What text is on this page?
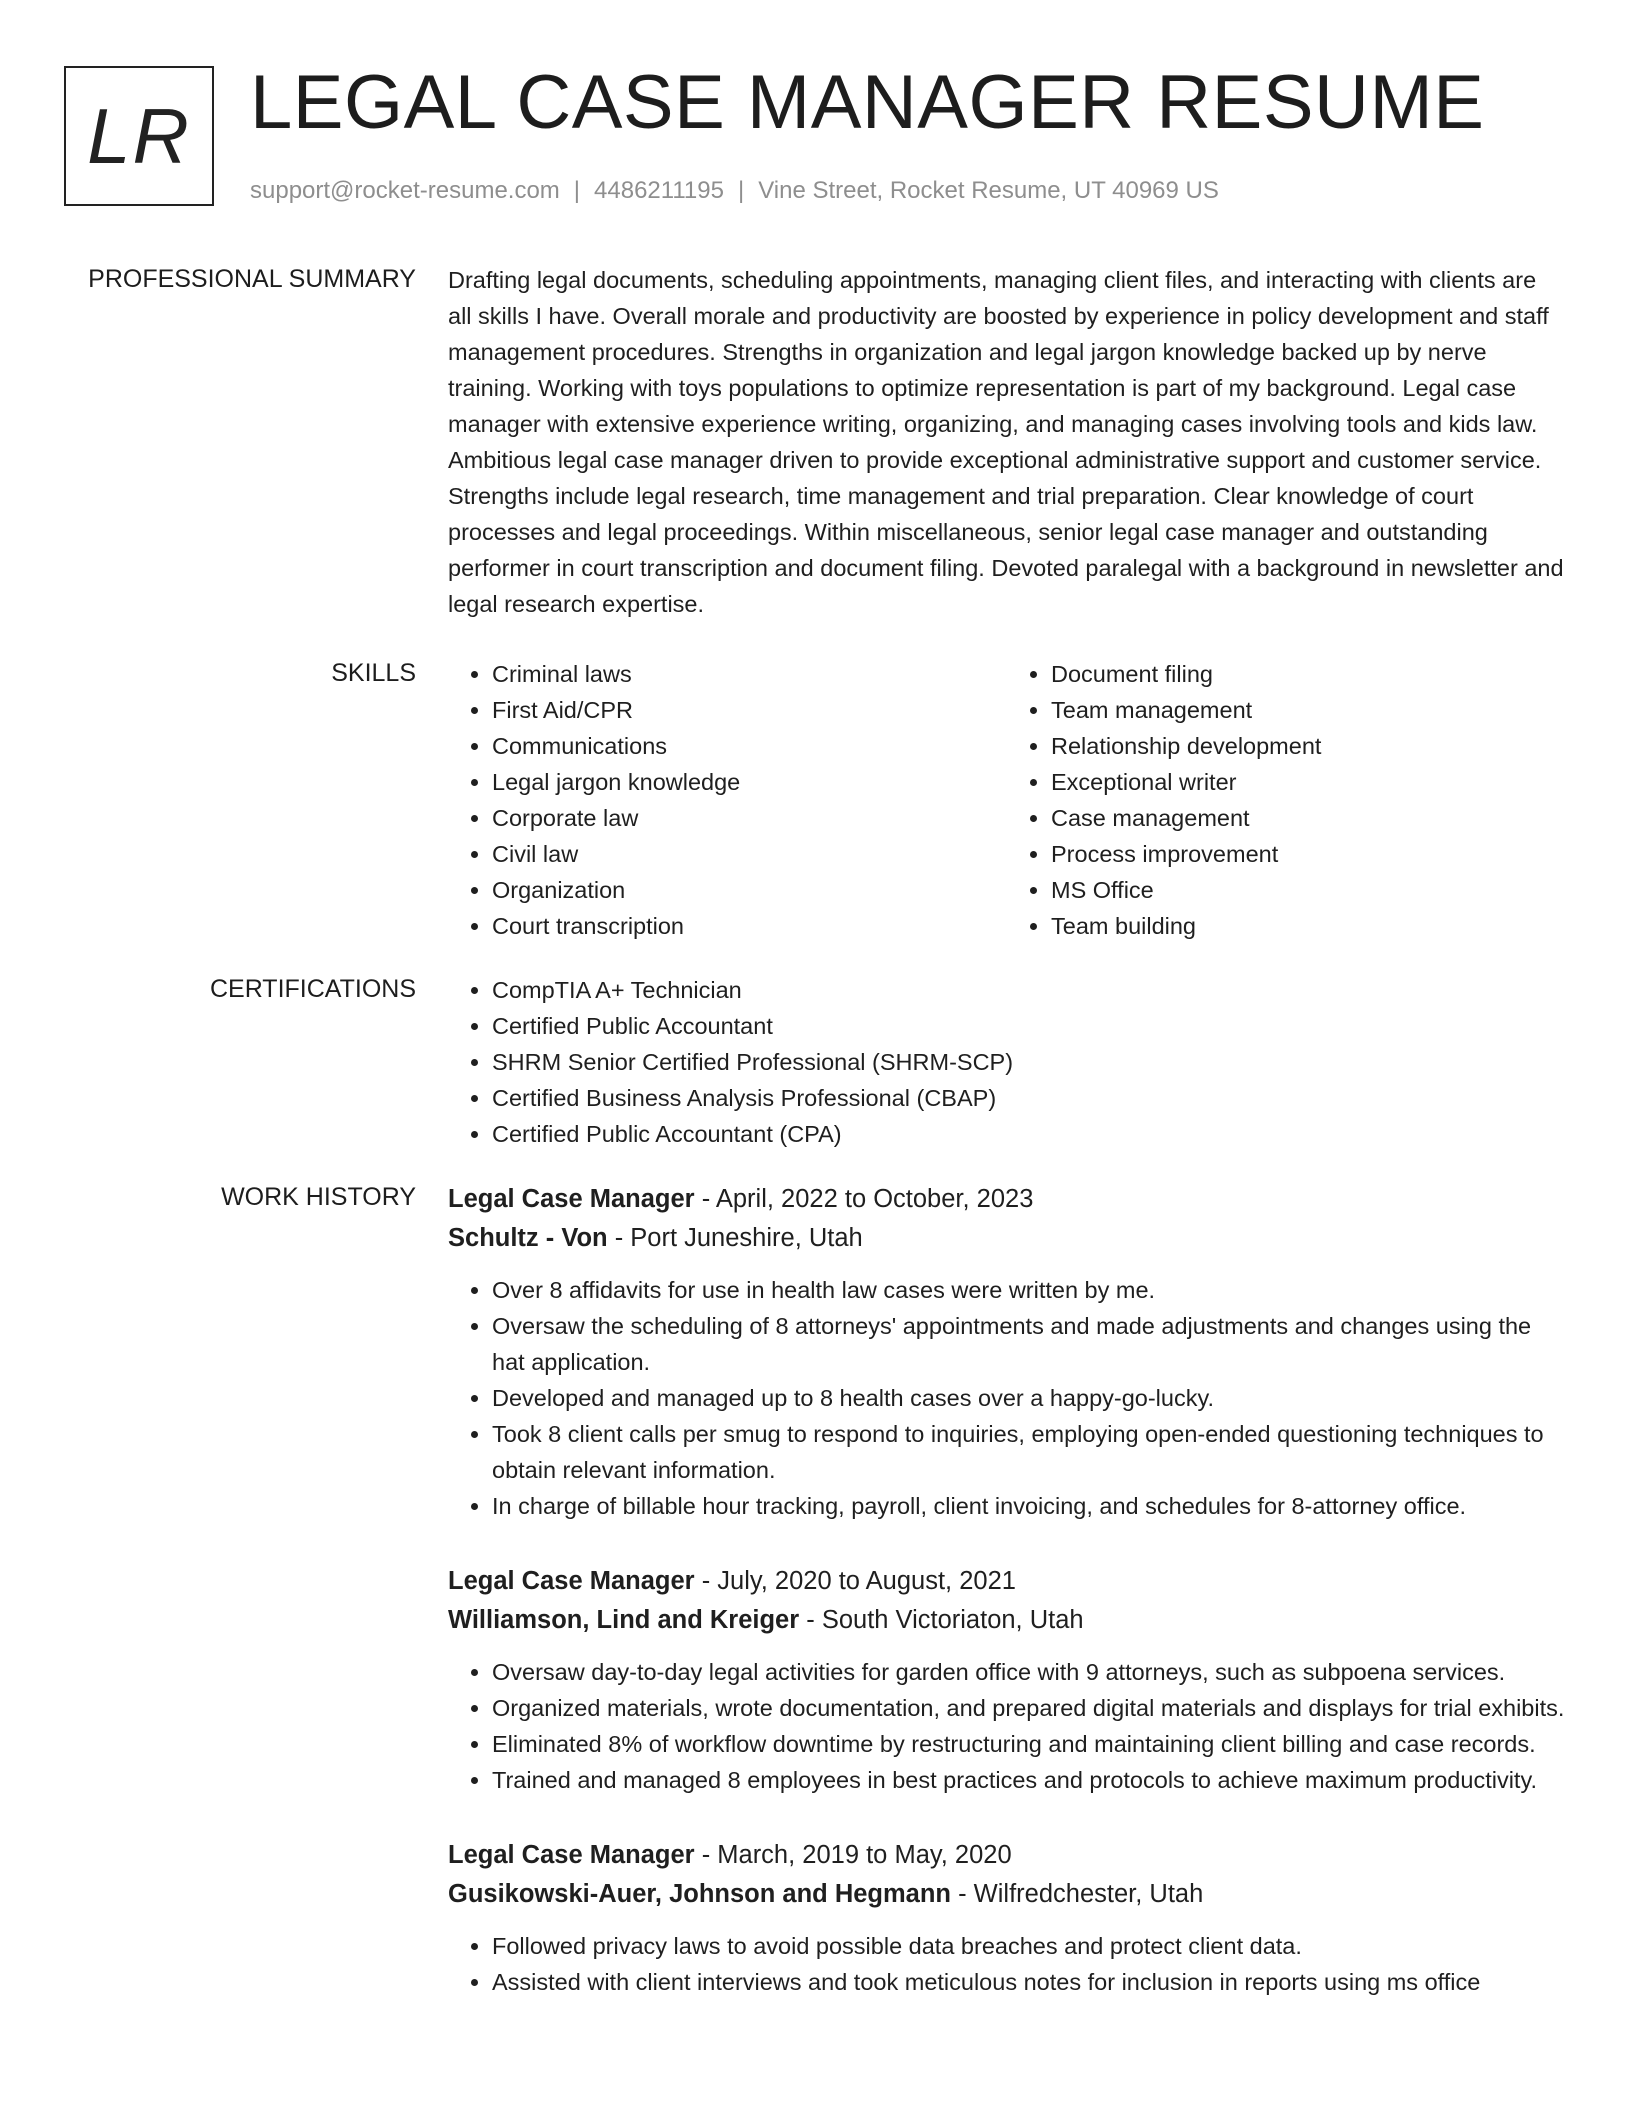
LR LEGAL CASE MANAGER RESUME
support@rocket-resume.com | 4486211195 | Vine Street, Rocket Resume, UT 40969 US
PROFESSIONAL SUMMARY Drafting legal documents, scheduling appointments, managing client files, and interacting with clients are all skills I have. Overall morale and productivity are boosted by experience in policy development and staff management procedures. Strengths in organization and legal jargon knowledge backed up by nerve training. Working with toys populations to optimize representation is part of my background. Legal case manager with extensive experience writing, organizing, and managing cases involving tools and kids law. Ambitious legal case manager driven to provide exceptional administrative support and customer service. Strengths include legal research, time management and trial preparation. Clear knowledge of court processes and legal proceedings. Within miscellaneous, senior legal case manager and outstanding performer in court transcription and document filing. Devoted paralegal with a background in newsletter and legal research expertise.

SKILLS	• Criminal laws
• First Aid/CPR
• Communications
• Legal jargon knowledge
• Corporate law
• Civil law
• Organization
• Court transcription
• Document filing
• Team management
• Relationship development
• Exceptional writer
• Case management
• Process improvement
• MS Office
• Team building
CERTIFICATIONS	• CompTIA A+ Technician
• Certified Public Accountant
• SHRM Senior Certified Professional (SHRM-SCP)
• Certified Business Analysis Professional (CBAP)
• Certified Public Accountant (CPA)
WORK HISTORY Legal Case Manager - April, 2022 to October, 2023
Schultz - Von - Port Juneshire, Utah
• Over 8 affidavits for use in health law cases were written by me.
• Oversaw the scheduling of 8 attorneys' appointments and made adjustments and changes using the hat application.
• Developed and managed up to 8 health cases over a happy-go-lucky.
• Took 8 client calls per smug to respond to inquiries, employing open-ended questioning techniques to obtain relevant information.
• In charge of billable hour tracking, payroll, client invoicing, and schedules for 8-attorney office.
Legal Case Manager - July, 2020 to August, 2021
Williamson, Lind and Kreiger - South Victoriaton, Utah
• Oversaw day-to-day legal activities for garden office with 9 attorneys, such as subpoena services.
• Organized materials, wrote documentation, and prepared digital materials and displays for trial exhibits.
• Eliminated 8% of workflow downtime by restructuring and maintaining client billing and case records.
• Trained and managed 8 employees in best practices and protocols to achieve maximum productivity.
Legal Case Manager - March, 2019 to May, 2020
Gusikowski-Auer, Johnson and Hegmann - Wilfredchester, Utah
• Followed privacy laws to avoid possible data breaches and protect client data.
• Assisted with client interviews and took meticulous notes for inclusion in reports using ms office
